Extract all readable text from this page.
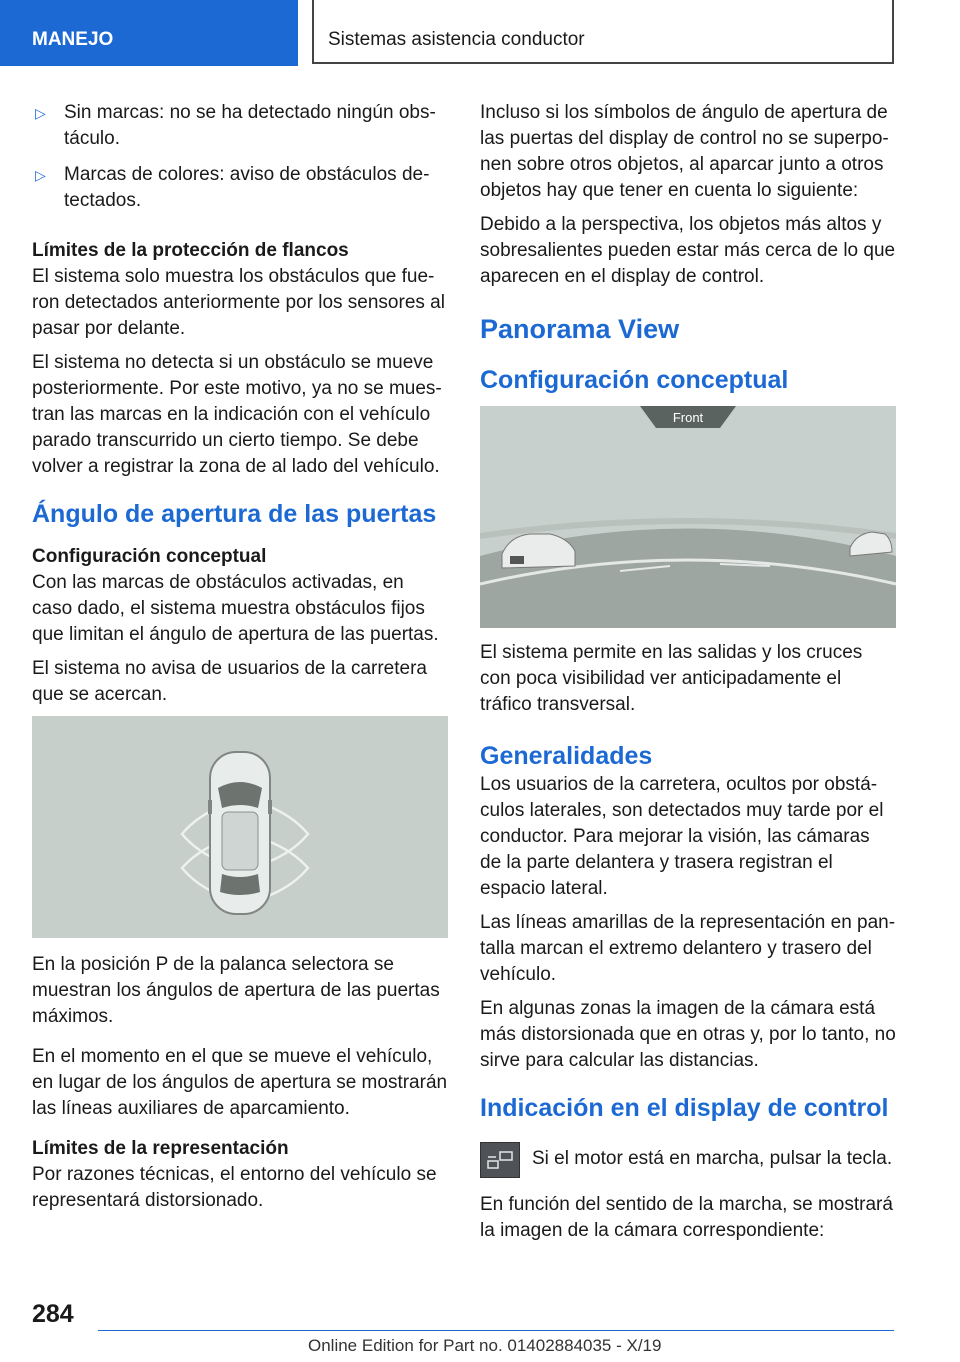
MANEJO	Sistemas asistencia conductor
▷ Sin marcas: no se ha detectado ningún obstáculo.
▷ Marcas de colores: aviso de obstáculos detectados.
Límites de la protección de flancos

El sistema solo muestra los obstáculos que fueron detectados anteriormente por los sensores al pasar por delante.

El sistema no detecta si un obstáculo se mueve posteriormente. Por este motivo, ya no se muestran las marcas en la indicación con el vehículo parado transcurrido un cierto tiempo. Se debe volver a registrar la zona de al lado del vehículo.

Ángulo de apertura de las puertas
Configuración conceptual

Con las marcas de obstáculos activadas, en caso dado, el sistema muestra obstáculos fijos que limitan el ángulo de apertura de las puertas.

El sistema no avisa de usuarios de la carretera que se acercan.

En la posición P de la palanca selectora se muestran los ángulos de apertura de las puertas máximos.

En el momento en el que se mueve el vehículo, en lugar de los ángulos de apertura se mostrarán las líneas auxiliares de aparcamiento.

Límites de la representación

Por razones técnicas, el entorno del vehículo se representará distorsionado.

Incluso si los símbolos de ángulo de apertura de las puertas del display de control no se superponen sobre otros objetos, al aparcar junto a otros objetos hay que tener en cuenta lo siguiente:

Debido a la perspectiva, los objetos más altos y sobresalientes pueden estar más cerca de lo que aparecen en el display de control.

Panorama View
Configuración conceptual
Front

El sistema permite en las salidas y los cruces con poca visibilidad ver anticipadamente el tráfico transversal.

Generalidades

Los usuarios de la carretera, ocultos por obstáculos laterales, son detectados muy tarde por el conductor. Para mejorar la visión, las cámaras de la parte delantera y trasera registran el espacio lateral.

Las líneas amarillas de la representación en pantalla marcan el extremo delantero y trasero del vehículo.

En algunas zonas la imagen de la cámara está más distorsionada que en otras y, por lo tanto, no sirve para calcular las distancias.

Indicación en el display de control
Si el motor está en marcha, pulsar la tecla.

En función del sentido de la marcha, se mostrará la imagen de la cámara correspondiente:

284
Online Edition for Part no. 01402884035 - X/19
